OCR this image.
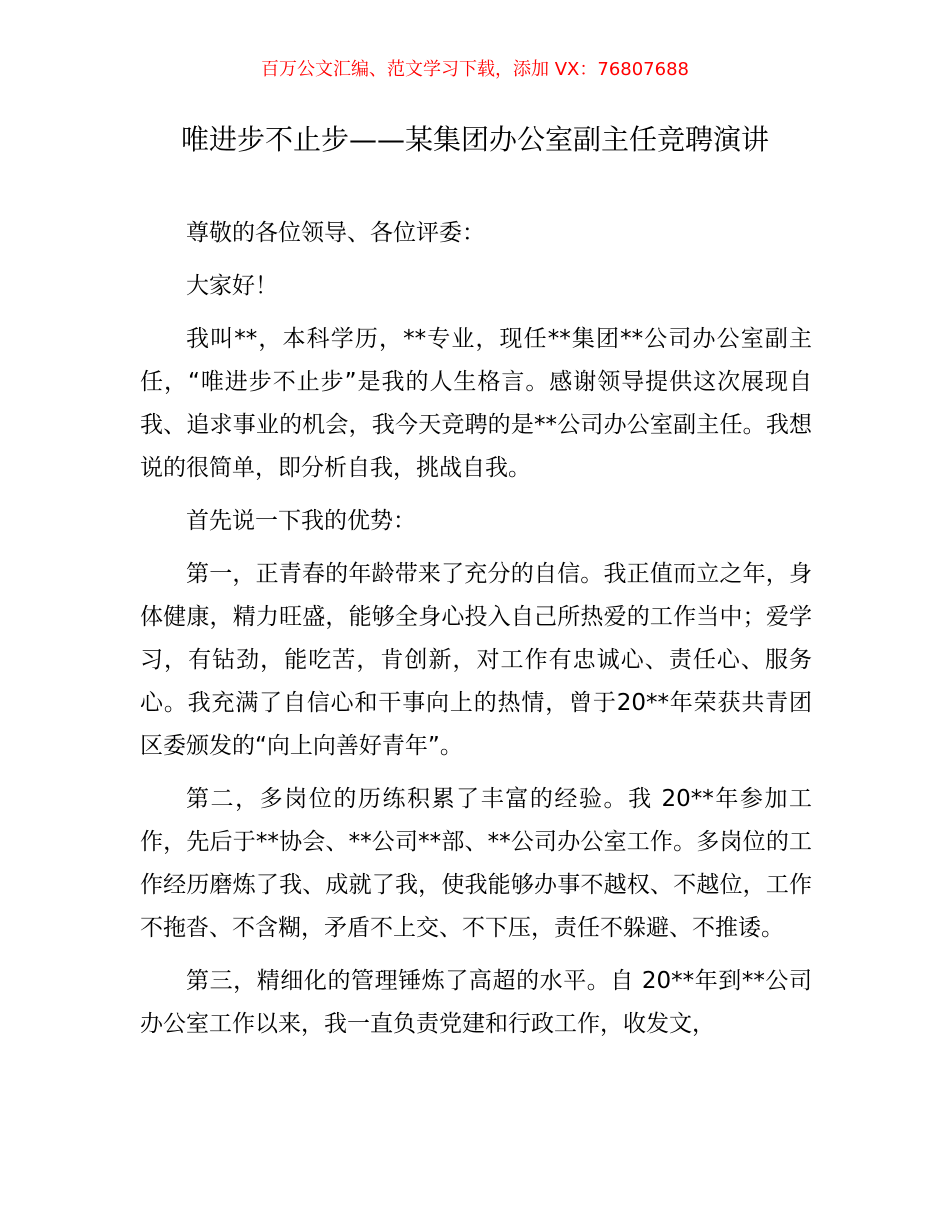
百万公文汇编、范文学习下载，添加 VX：76807688
唯进步不止步——某集团办公室副主任竞聘演讲

尊敬的各位领导、各位评委：

大家好！

我叫**，本科学历，**专业，现任**集团**公司办公室副主任，“唯进步不止步”是我的人生格言。感谢领导提供这次展现自我、追求事业的机会，我今天竞聘的是**公司办公室副主任。我想说的很简单，即分析自我，挑战自我。

首先说一下我的优势：

第一，正青春的年龄带来了充分的自信。我正值而立之年，身体健康，精力旺盛，能够全身心投入自己所热爱的工作当中；爱学习，有钻劲，能吃苦，肯创新，对工作有忠诚心、责任心、服务心。我充满了自信心和干事向上的热情，曾于20**年荣获共青团区委颁发的“向上向善好青年”。

第二，多岗位的历练积累了丰富的经验。我 20**年参加工作，先后于**协会、**公司**部、**公司办公室工作。多岗位的工作经历磨炼了我、成就了我，使我能够办事不越权、不越位，工作不拖沓、不含糊，矛盾不上交、不下压，责任不躲避、不推诿。

第三，精细化的管理锤炼了高超的水平。自 20**年到**公司办公室工作以来，我一直负责党建和行政工作，收发文，
